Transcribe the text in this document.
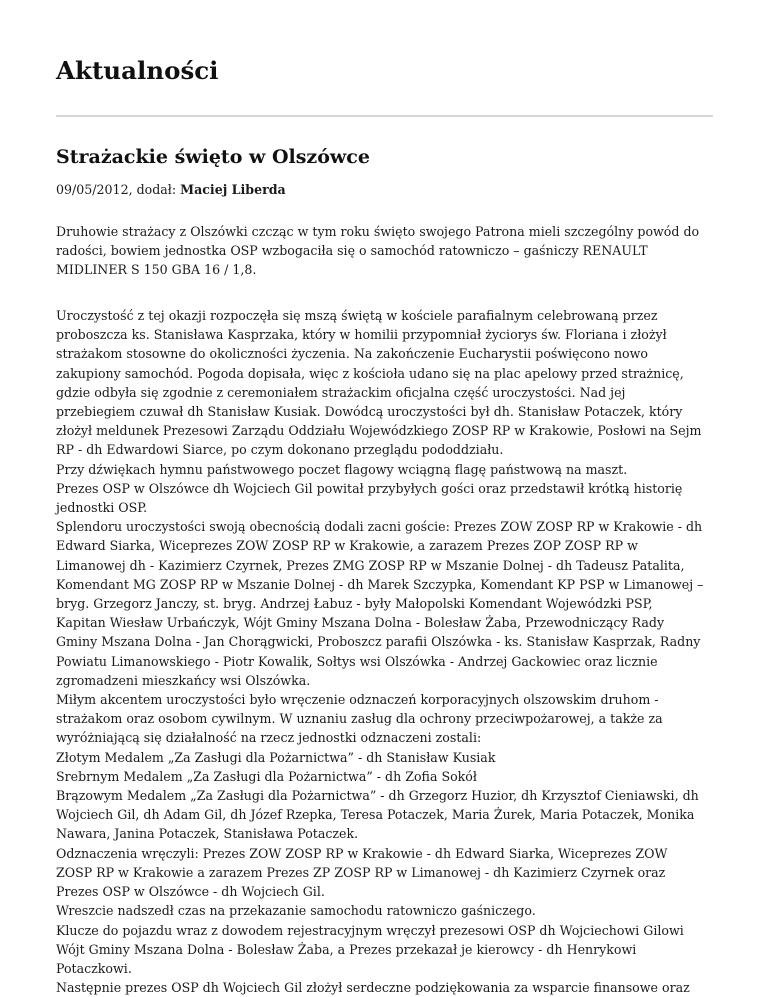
Aktualności
Strażackie święto w Olszówce
09/05/2012, dodał: Maciej Liberda
Druhowie strażacy z Olszówki czcząc w tym roku święto swojego Patrona mieli szczególny powód do
radości, bowiem jednostka OSP wzbogaciła się o samochód ratowniczo – gaśniczy RENAULT
MIDLINER S 150 GBA 16 / 1,8.
Uroczystość z tej okazji rozpoczęła się mszą świętą w kościele parafialnym celebrowaną przez
proboszcza ks. Stanisława Kasprzaka, który w homilii przypomniał życiorys św. Floriana i złożył
strażakom stosowne do okoliczności życzenia. Na zakończenie Eucharystii poświęcono nowo
zakupiony samochód. Pogoda dopisała, więc z kościoła udano się na plac apelowy przed strażnicę,
gdzie odbyła się zgodnie z ceremoniałem strażackim oficjalna część uroczystości. Nad jej
przebiegiem czuwał dh Stanisław Kusiak. Dowódcą uroczystości był dh. Stanisław Potaczek, który
złożył meldunek Prezesowi Zarządu Oddziału Wojewódzkiego ZOSP RP w Krakowie, Posłowi na Sejm
RP - dh Edwardowi Siarce, po czym dokonano przeglądu pododdziału.
Przy dźwiękach hymnu państwowego poczet flagowy wciągną flagę państwową na maszt.
Prezes OSP w Olszówce dh Wojciech Gil powitał przybyłych gości oraz przedstawił krótką historię
jednostki OSP.
Splendoru uroczystości swoją obecnością dodali zacni goście: Prezes ZOW ZOSP RP w Krakowie - dh
Edward Siarka, Wiceprezes ZOW ZOSP RP w Krakowie, a zarazem Prezes ZOP ZOSP RP w
Limanowej dh - Kazimierz Czyrnek, Prezes ZMG ZOSP RP w Mszanie Dolnej - dh Tadeusz Patalita,
Komendant MG ZOSP RP w Mszanie Dolnej - dh Marek Szczypka, Komendant KP PSP w Limanowej –
bryg. Grzegorz Janczy, st. bryg. Andrzej Łabuz - były Małopolski Komendant Wojewódzki PSP,
Kapitan Wiesław Urbańczyk, Wójt Gminy Mszana Dolna - Bolesław Żaba, Przewodniczący Rady
Gminy Mszana Dolna - Jan Chorągwicki, Proboszcz parafii Olszówka - ks. Stanisław Kasprzak, Radny
Powiatu Limanowskiego - Piotr Kowalik, Sołtys wsi Olszówka - Andrzej Gackowiec oraz licznie
zgromadzeni mieszkańcy wsi Olszówka.
Miłym akcentem uroczystości było wręczenie odznaczeń korporacyjnych olszowskim druhom -
strażakom oraz osobom cywilnym. W uznaniu zasług dla ochrony przeciwpożarowej, a także za
wyróżniającą się działalność na rzecz jednostki odznaczeni zostali:
Złotym Medalem „Za Zasługi dla Pożarnictwa” - dh Stanisław Kusiak
Srebrnym Medalem „Za Zasługi dla Pożarnictwa” - dh Zofia Sokół
Brązowym Medalem „Za Zasługi dla Pożarnictwa” - dh Grzegorz Huzior, dh Krzysztof Cieniawski, dh
Wojciech Gil, dh Adam Gil, dh Józef Rzepka, Teresa Potaczek, Maria Żurek, Maria Potaczek, Monika
Nawara, Janina Potaczek, Stanisława Potaczek.
Odznaczenia wręczyli: Prezes ZOW ZOSP RP w Krakowie - dh Edward Siarka, Wiceprezes ZOW
ZOSP RP w Krakowie a zarazem Prezes ZP ZOSP RP w Limanowej - dh Kazimierz Czyrnek oraz
Prezes OSP w Olszówce - dh Wojciech Gil.
Wreszcie nadszedł czas na przekazanie samochodu ratowniczo gaśniczego.
Klucze do pojazdu wraz z dowodem rejestracyjnym wręczył prezesowi OSP dh Wojciechowi Gilowi
Wójt Gminy Mszana Dolna - Bolesław Żaba, a Prezes przekazał je kierowcy - dh Henrykowi
Potaczkowi.
Następnie prezes OSP dh Wojciech Gil złożył serdeczne podziękowania za wsparcie finansowe oraz
